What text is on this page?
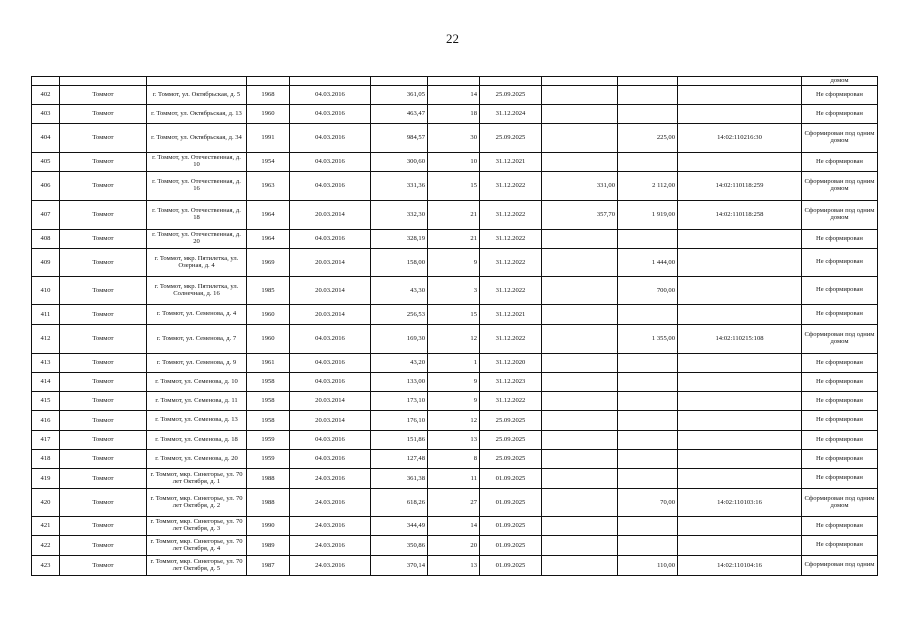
22
											домом
402	Томмот	г. Томмот, ул. Октябрьская, д. 5	1968	04.03.2016	361,05	14	25.09.2025				Не сформирован
403	Томмот	г. Томмот, ул. Октябрьская, д. 13	1960	04.03.2016	463,47	18	31.12.2024				Не сформирован
404	Томмот	г. Томмот, ул. Октябрьская, д. 34	1991	04.03.2016	984,57	30	25.09.2025		225,00	14:02:110216:30	Сформирован под одним домом
405	Томмот	г. Томмот, ул. Отечественная, д. 10	1954	04.03.2016	300,60	10	31.12.2021				Не сформирован
406	Томмот	г. Томмот, ул. Отечественная, д. 16	1963	04.03.2016	331,36	15	31.12.2022	331,00	2 112,00	14:02:110118:259	Сформирован под одним домом
407	Томмот	г. Томмот, ул. Отечественная, д. 18	1964	20.03.2014	332,30	21	31.12.2022	357,70	1 919,00	14:02:110118:258	Сформирован под одним домом
408	Томмот	г. Томмот, ул. Отечественная, д. 20	1964	04.03.2016	328,19	21	31.12.2022				Не сформирован
409	Томмот	г. Томмот, мкр. Пятилетка, ул. Озерная, д. 4	1969	20.03.2014	158,00	9	31.12.2022		1 444,00		Не сформирован
410	Томмот	г. Томмот, мкр. Пятилетка, ул. Солнечная, д. 16	1985	20.03.2014	43,30	3	31.12.2022		700,00		Не сформирован
411	Томмот	г. Томмот, ул. Семенова, д. 4	1960	20.03.2014	256,53	15	31.12.2021				Не сформирован
412	Томмот	г. Томмот, ул. Семенова, д. 7	1960	04.03.2016	169,30	12	31.12.2022		1 355,00	14:02:110215:108	Сформирован под одним домом
413	Томмот	г. Томмот, ул. Семенова, д. 9	1961	04.03.2016	43,20	1	31.12.2020				Не сформирован
414	Томмот	г. Томмот, ул. Семенова, д. 10	1958	04.03.2016	133,00	9	31.12.2023				Не сформирован
415	Томмот	г. Томмот, ул. Семенова, д. 11	1958	20.03.2014	173,10	9	31.12.2022				Не сформирован
416	Томмот	г. Томмот, ул. Семенова, д. 13	1958	20.03.2014	176,10	12	25.09.2025				Не сформирован
417	Томмот	г. Томмот, ул. Семенова, д. 18	1959	04.03.2016	151,86	13	25.09.2025				Не сформирован
418	Томмот	г. Томмот, ул. Семенова, д. 20	1959	04.03.2016	127,48	8	25.09.2025				Не сформирован
419	Томмот	г. Томмот, мкр. Синегорье, ул. 70 лет Октября, д. 1	1988	24.03.2016	361,38	11	01.09.2025				Не сформирован
420	Томмот	г. Томмот, мкр. Синегорье, ул. 70 лет Октября, д. 2	1988	24.03.2016	618,26	27	01.09.2025		70,00	14:02:110103:16	Сформирован под одним домом
421	Томмот	г. Томмот, мкр. Синегорье, ул. 70 лет Октября, д. 3	1990	24.03.2016	344,49	14	01.09.2025				Не сформирован
422	Томмот	г. Томмот, мкр. Синегорье, ул. 70 лет Октября, д. 4	1989	24.03.2016	350,86	20	01.09.2025				Не сформирован
423	Томмот	г. Томмот, мкр. Синегорье, ул. 70 лет Октября, д. 5	1987	24.03.2016	370,14	13	01.09.2025		110,00	14:02:110104:16	Сформирован под одним
